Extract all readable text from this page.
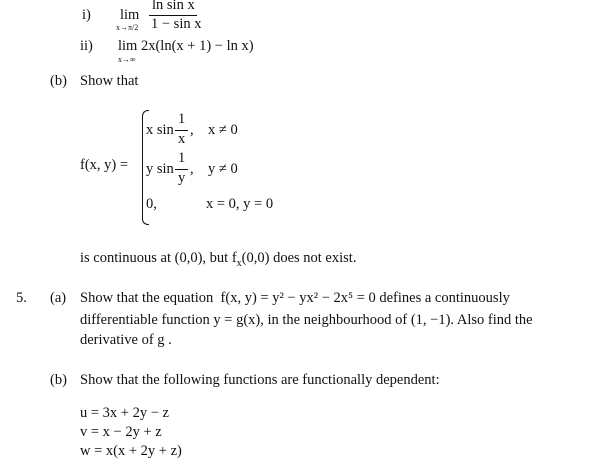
i) lim
x→π/2
ln sin x
1 − sin x
ii) lim 2x(ln(x + 1) − ln x)
x→∞
(b) Show that
f(x, y) =
x sin
1
x
, x ≠ 0
y sin
1
y
, y ≠ 0
0,	x = 0, y = 0
is continuous at (0,0), but $f_x(0,0)$ does not exist.
5. (a) Show that the equation f(x, y) = y² − yx² − 2x⁵ = 0 defines a continuously
differentiable function y = g(x), in the neighbourhood of (1, −1). Also find the
derivative of g .
(b) Show that the following functions are functionally dependent:
u = 3x + 2y − z
v = x − 2y + z
w = x(x + 2y + z)
